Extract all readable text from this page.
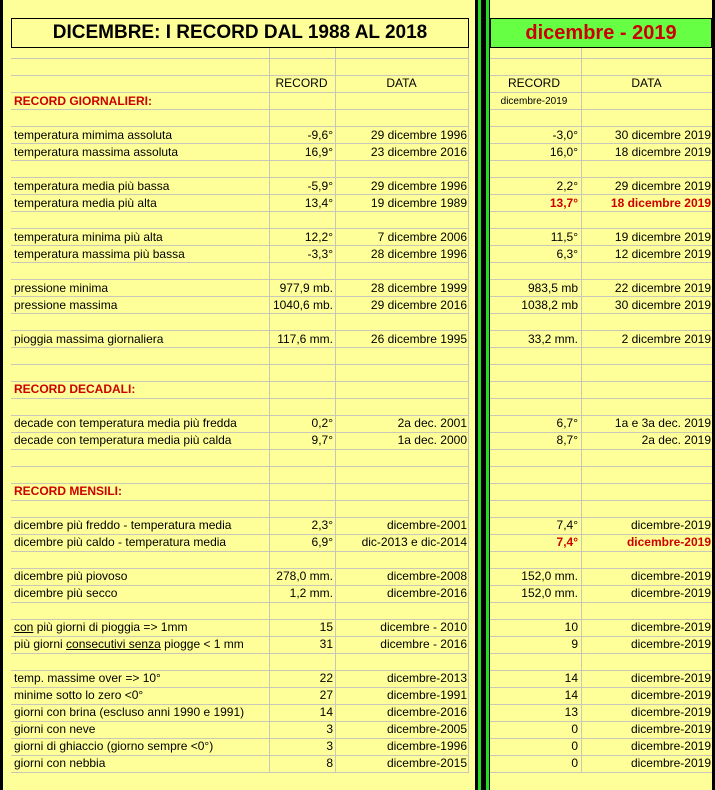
DICEMBRE: I RECORD DAL 1988 AL 2018	dicembre - 2019
RECORD	DATA	RECORD	DATA
dicembre-2019
RECORD GIORNALIERI:
RECORD DECADALI:
RECORD MENSILI:
temperatura mimima assoluta	-9,6°	29 dicembre 1996	-3,0°	30 dicembre 2019
temperatura massima assoluta	16,9°	23 dicembre 2016	16,0°	18 dicembre 2019
temperatura media più bassa	-5,9°	29 dicembre 1996	2,2°	29 dicembre 2019
temperatura media più alta	13,4°	19 dicembre 1989	13,7°	18 dicembre 2019
temperatura minima più alta	12,2°	7 dicembre 2006	11,5°	19 dicembre 2019
temperatura massima più bassa	-3,3°	28 dicembre 1996	6,3°	12 dicembre 2019
pressione minima	977,9 mb.	28 dicembre 1999	983,5 mb	22 dicembre 2019
pressione massima	1040,6 mb.	29 dicembre 2016	1038,2 mb	30 dicembre 2019
pioggia massima giornaliera	117,6 mm.	26 dicembre 1995	33,2 mm.	2 dicembre 2019
decade con temperatura media più fredda	0,2°	2a dec. 2001	6,7°	1a e 3a dec. 2019
decade con temperatura media più calda	9,7°	1a dec. 2000	8,7°	2a dec. 2019
dicembre più freddo - temperatura media	2,3°	dicembre-2001	7,4°	dicembre-2019
dicembre più caldo - temperatura media	6,9°	dic-2013 e dic-2014	7,4°	dicembre-2019
dicembre più piovoso	278,0 mm.	dicembre-2008	152,0 mm.	dicembre-2019
dicembre più secco	1,2 mm.	dicembre-2016	152,0 mm.	dicembre-2019
con più giorni di pioggia => 1mm	15	dicembre - 2010	10	dicembre-2019
più giorni consecutivi senza piogge < 1 mm	31	dicembre - 2016	9	dicembre-2019
temp. massime over => 10°	22	dicembre-2013	14	dicembre-2019
minime sotto lo zero <0°	27	dicembre-1991	14	dicembre-2019
giorni con brina (escluso anni 1990 e 1991)	14	dicembre-2016	13	dicembre-2019
giorni con neve	3	dicembre-2005	0	dicembre-2019
giorni di ghiaccio (giorno sempre <0°)	3	dicembre-1996	0	dicembre-2019
giorni con nebbia	8	dicembre-2015	0	dicembre-2019
